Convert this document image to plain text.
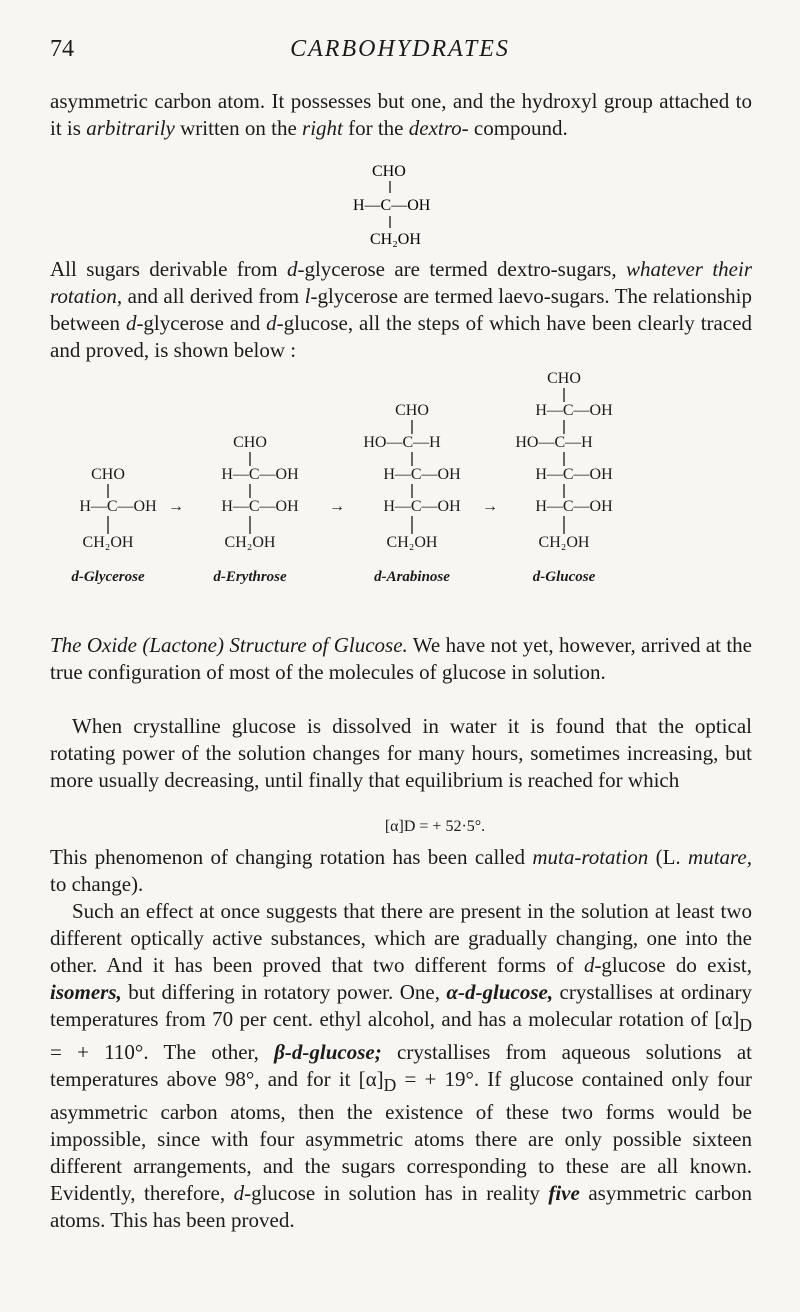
74	CARBOHYDRATES

asymmetric carbon atom. It possesses but one, and the hydroxyl group attached to it is arbitrarily written on the right for the dextro- compound.

CHO
H—C—OH
CH₂OH

All sugars derivable from d-glycerose are termed dextro-sugars, whatever their rotation, and all derived from l-glycerose are termed laevo-sugars. The relationship between d-glycerose and d-glucose, all the steps of which have been clearly traced and proved, is shown below :

CHO
H—C—OH
CH₂OH
d-Glycerose
CHO
H—C—OH
H—C—OH
CH₂OH
d-Erythrose
CHO
HO—C—H
H—C—OH
H—C—OH
CH₂OH
d-Arabinose
CHO
H—C—OH
HO—C—H
H—C—OH
H—C—OH
CH₂OH
d-Glucose
→	→	→

The Oxide (Lactone) Structure of Glucose. We have not yet, however, arrived at the true configuration of most of the molecules of glucose in solution.

When crystalline glucose is dissolved in water it is found that the optical rotating power of the solution changes for many hours, sometimes increasing, but more usually decreasing, until finally that equilibrium is reached for which

[α]D = + 52·5°.

This phenomenon of changing rotation has been called muta-rotation (L. mutare, to change).

Such an effect at once suggests that there are present in the solution at least two different optically active substances, which are gradually changing, one into the other. And it has been proved that two different forms of d-glucose do exist, isomers, but differing in rotatory power. One, α-d-glucose, crystallises at ordinary temperatures from 70 per cent. ethyl alcohol, and has a molecular rotation of $[\alpha]_D$ = + 110°. The other, β-d-glucose; crystallises from aqueous solutions at temperatures above 98°, and for it $[\alpha]_D$ = + 19°. If glucose contained only four asymmetric carbon atoms, then the existence of these two forms would be impossible, since with four asymmetric atoms there are only possible sixteen different arrangements, and the sugars corresponding to these are all known. Evidently, therefore, d-glucose in solution has in reality five asymmetric carbon atoms. This has been proved.
